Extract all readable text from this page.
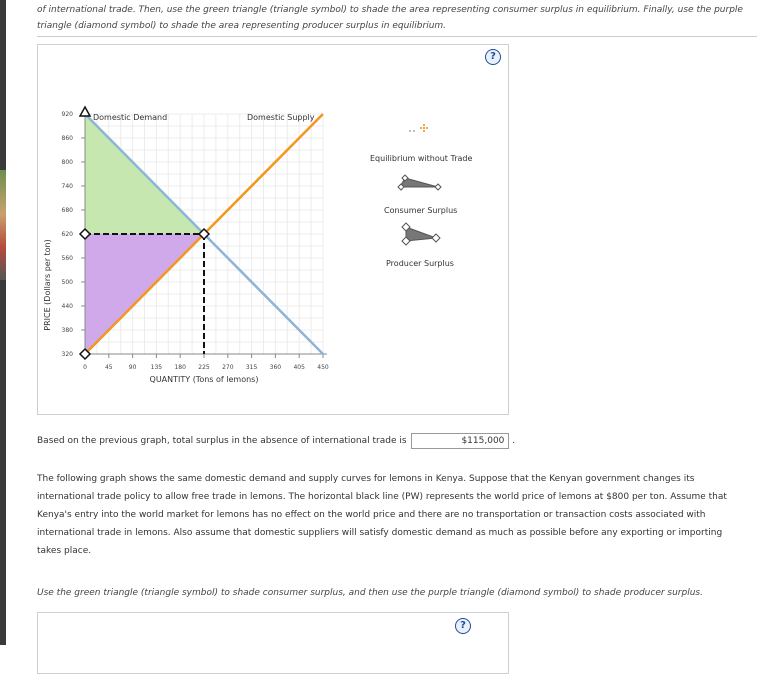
of international trade. Then, use the green triangle (triangle symbol) to shade the area representing consumer surplus in equilibrium. Finally, use the purple triangle (diamond symbol) to shade the area representing producer surplus in equilibrium.
?
0	45	90 135 180 225 270 315 360 405 450
920
860
800
740
680
620
560
500
440
380
320
PRICE (Dollars per ton)
QUANTITY (Tons of lemons)
Domestic Demand	Domestic Supply
Equilibrium without Trade
Consumer Surplus
Producer Surplus
Based on the previous graph, total surplus in the absence of international trade is	$115,000 .
The following graph shows the same domestic demand and supply curves for lemons in Kenya. Suppose that the Kenyan government changes its international trade policy to allow free trade in lemons. The horizontal black line (PW) represents the world price of lemons at $800 per ton. Assume that Kenya's entry into the world market for lemons has no effect on the world price and there are no transportation or transaction costs associated with international trade in lemons. Also assume that domestic suppliers will satisfy domestic demand as much as possible before any exporting or importing takes place.
Use the green triangle (triangle symbol) to shade consumer surplus, and then use the purple triangle (diamond symbol) to shade producer surplus.
?
